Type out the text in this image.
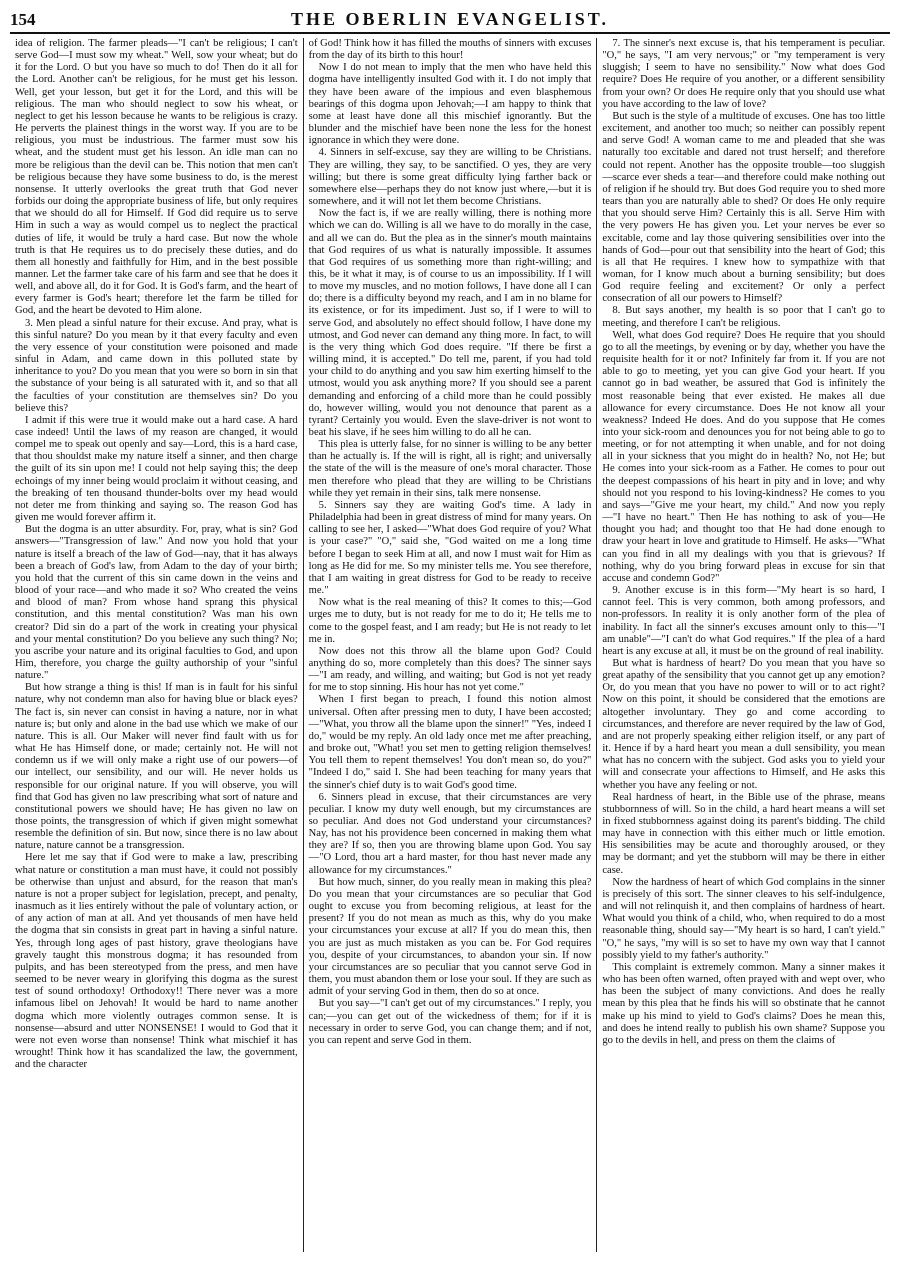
154	THE OBERLIN EVANGELIST.

idea of religion. The farmer pleads—"I can't be religious; I can't serve God—I must sow my wheat." Well, sow your wheat; but do it for the Lord. O but you have so much to do! Then do it all for the Lord. Another can't be religious, for he must get his lesson. Well, get your lesson, but get it for the Lord, and this will be religious. The man who should neglect to sow his wheat, or neglect to get his lesson because he wants to be religious is crazy. He perverts the plainest things in the worst way. If you are to be religious, you must be industrious. The farmer must sow his wheat, and the student must get his lesson. An idle man can no more be religious than the devil can be. This notion that men can't be religious because they have some business to do, is the merest nonsense. It utterly overlooks the great truth that God never forbids our doing the appropriate business of life, but only requires that we should do all for Himself. If God did require us to serve Him in such a way as would compel us to neglect the practical duties of life, it would be truly a hard case. But now the whole truth is that He requires us to do precisely these duties, and do them all honestly and faithfully for Him, and in the best possible manner. Let the farmer take care of his farm and see that he does it well, and above all, do it for God. It is God's farm, and the heart of every farmer is God's heart; therefore let the farm be tilled for God, and the heart be devoted to Him alone.

3. Men plead a sinful nature for their excuse. And pray, what is this sinful nature? Do you mean by it that every faculty and even the very essence of your constitution were poisoned and made sinful in Adam, and came down in this polluted state by inheritance to you? Do you mean that you were so born in sin that the substance of your being is all saturated with it, and so that all the faculties of your constitution are themselves sin? Do you believe this?

I admit if this were true it would make out a hard case. A hard case indeed! Until the laws of my reason are changed, it would compel me to speak out openly and say—Lord, this is a hard case, that thou shouldst make my nature itself a sinner, and then charge the guilt of its sin upon me! I could not help saying this; the deep echoings of my inner being would proclaim it without ceasing, and the breaking of ten thousand thunder-bolts over my head would not deter me from thinking and saying so. The reason God has given me would forever affirm it.

But the dogma is an utter absurdity. For, pray, what is sin? God answers—"Transgression of law." And now you hold that your nature is itself a breach of the law of God—nay, that it has always been a breach of God's law, from Adam to the day of your birth; you hold that the current of this sin came down in the veins and blood of your race—and who made it so? Who created the veins and blood of man? From whose hand sprang this physical constitution, and this mental constitution? Was man his own creator? Did sin do a part of the work in creating your physical and your mental constitution? Do you believe any such thing? No; you ascribe your nature and its original faculties to God, and upon Him, therefore, you charge the guilty authorship of your "sinful nature."

But how strange a thing is this! If man is in fault for his sinful nature, why not condemn man also for having blue or black eyes? The fact is, sin never can consist in having a nature, nor in what nature is; but only and alone in the bad use which we make of our nature. This is all. Our Maker will never find fault with us for what He has Himself done, or made; certainly not. He will not condemn us if we will only make a right use of our powers—of our intellect, our sensibility, and our will. He never holds us responsible for our original nature. If you will observe, you will find that God has given no law prescribing what sort of nature and constitutional powers we should have; He has given no law on those points, the transgression of which if given might somewhat resemble the definition of sin. But now, since there is no law about nature, nature cannot be a transgression.

Here let me say that if God were to make a law, prescribing what nature or constitution a man must have, it could not possibly be otherwise than unjust and absurd, for the reason that man's nature is not a proper subject for legislation, precept, and penalty, inasmuch as it lies entirely without the pale of voluntary action, or of any action of man at all. And yet thousands of men have held the dogma that sin consists in great part in having a sinful nature. Yes, through long ages of past history, grave theologians have gravely taught this monstrous dogma; it has resounded from pulpits, and has been stereotyped from the press, and men have seemed to be never weary in glorifying this dogma as the surest test of sound orthodoxy! Orthodoxy!! There never was a more infamous libel on Jehovah! It would be hard to name another dogma which more violently outrages common sense. It is nonsense—absurd and utter NONSENSE! I would to God that it were not even worse than nonsense! Think what mischief it has wrought! Think how it has scandalized the law, the government, and the character

of God! Think how it has filled the mouths of sinners with excuses from the day of its birth to this hour!

Now I do not mean to imply that the men who have held this dogma have intelligently insulted God with it. I do not imply that they have been aware of the impious and even blasphemous bearings of this dogma upon Jehovah;—I am happy to think that some at least have done all this mischief ignorantly. But the blunder and the mischief have been none the less for the honest ignorance in which they were done.

4. Sinners in self-excuse, say they are willing to be Christians. They are willing, they say, to be sanctified. O yes, they are very willing; but there is some great difficulty lying farther back or somewhere else—perhaps they do not know just where,—but it is somewhere, and it will not let them become Christians.

Now the fact is, if we are really willing, there is nothing more which we can do. Willing is all we have to do morally in the case, and all we can do. But the plea as in the sinner's mouth maintains that God requires of us what is naturally impossible. It assumes that God requires of us something more than right-willing; and this, be it what it may, is of course to us an impossibility. If I will to move my muscles, and no motion follows, I have done all I can do; there is a difficulty beyond my reach, and I am in no blame for its existence, or for its impediment. Just so, if I were to will to serve God, and absolutely no effect should follow, I have done my utmost, and God never can demand any thing more. In fact, to will is the very thing which God does require. "If there be first a willing mind, it is accepted." Do tell me, parent, if you had told your child to do anything and you saw him exerting himself to the utmost, would you ask anything more? If you should see a parent demanding and enforcing of a child more than he could possibly do, however willing, would you not denounce that parent as a tyrant? Certainly you would. Even the slave-driver is not wont to beat his slave, if he sees him willing to do all he can.

This plea is utterly false, for no sinner is willing to be any better than he actually is. If the will is right, all is right; and universally the state of the will is the measure of one's moral character. Those men therefore who plead that they are willing to be Christians while they yet remain in their sins, talk mere nonsense.

5. Sinners say they are waiting God's time. A lady in Philadelphia had been in great distress of mind for many years. On calling to see her, I asked—"What does God require of you? What is your case?" "O," said she, "God waited on me a long time before I began to seek Him at all, and now I must wait for Him as long as He did for me. So my minister tells me. You see therefore, that I am waiting in great distress for God to be ready to receive me."

Now what is the real meaning of this? It comes to this;—God urges me to duty, but is not ready for me to do it; He tells me to come to the gospel feast, and I am ready; but He is not ready to let me in.

Now does not this throw all the blame upon God? Could anything do so, more completely than this does? The sinner says—"I am ready, and willing, and waiting; but God is not yet ready for me to stop sinning. His hour has not yet come."

When I first began to preach, I found this notion almost universal. Often after pressing men to duty, I have been accosted;—"What, you throw all the blame upon the sinner!" "Yes, indeed I do," would be my reply. An old lady once met me after preaching, and broke out, "What! you set men to getting religion themselves! You tell them to repent themselves! You don't mean so, do you?" "Indeed I do," said I. She had been teaching for many years that the sinner's chief duty is to wait God's good time.

6. Sinners plead in excuse, that their circumstances are very peculiar. I know my duty well enough, but my circumstances are so peculiar. And does not God understand your circumstances? Nay, has not his providence been concerned in making them what they are? If so, then you are throwing blame upon God. You say—"O Lord, thou art a hard master, for thou hast never made any allowance for my circumstances."

But how much, sinner, do you really mean in making this plea? Do you mean that your circumstances are so peculiar that God ought to excuse you from becoming religious, at least for the present? If you do not mean as much as this, why do you make your circumstances your excuse at all? If you do mean this, then you are just as much mistaken as you can be. For God requires you, despite of your circumstances, to abandon your sin. If now your circumstances are so peculiar that you cannot serve God in them, you must abandon them or lose your soul. If they are such as admit of your serving God in them, then do so at once.

But you say—"I can't get out of my circumstances." I reply, you can;—you can get out of the wickedness of them; for if it is necessary in order to serve God, you can change them; and if not, you can repent and serve God in them.

7. The sinner's next excuse is, that his temperament is peculiar. "O," he says, "I am very nervous;" or "my temperament is very sluggish; I seem to have no sensibility." Now what does God require? Does He require of you another, or a different sensibility from your own? Or does He require only that you should use what you have according to the law of love?

But such is the style of a multitude of excuses. One has too little excitement, and another too much; so neither can possibly repent and serve God! A woman came to me and pleaded that she was naturally too excitable and dared not trust herself; and therefore could not repent. Another has the opposite trouble—too sluggish—scarce ever sheds a tear—and therefore could make nothing out of religion if he should try. But does God require you to shed more tears than you are naturally able to shed? Or does He only require that you should serve Him? Certainly this is all. Serve Him with the very powers He has given you. Let your nerves be ever so excitable, come and lay those quivering sensibilities over into the hands of God—pour out that sensibility into the heart of God; this is all that He requires. I knew how to sympathize with that woman, for I know much about a burning sensibility; but does God require feeling and excitement? Or only a perfect consecration of all our powers to Himself?

8. But says another, my health is so poor that I can't go to meeting, and therefore I can't be religious.

Well, what does God require? Does He require that you should go to all the meetings, by evening or by day, whether you have the requisite health for it or not? Infinitely far from it. If you are not able to go to meeting, yet you can give God your heart. If you cannot go in bad weather, be assured that God is infinitely the most reasonable being that ever existed. He makes all due allowance for every circumstance. Does He not know all your weakness? Indeed He does. And do you suppose that He comes into your sick-room and denounces you for not being able to go to meeting, or for not attempting it when unable, and for not doing all in your sickness that you might do in health? No, not He; but He comes into your sick-room as a Father. He comes to pour out the deepest compassions of his heart in pity and in love; and why should not you respond to his loving-kindness? He comes to you and says—"Give me your heart, my child." And now you reply—"I have no heart." Then He has nothing to ask of you—He thought you had; and thought too that He had done enough to draw your heart in love and gratitude to Himself. He asks—"What can you find in all my dealings with you that is grievous? If nothing, why do you bring forward pleas in excuse for sin that accuse and condemn God?"

9. Another excuse is in this form—"My heart is so hard, I cannot feel. This is very common, both among professors, and non-professors. In reality it is only another form of the plea of inability. In fact all the sinner's excuses amount only to this—"I am unable"—"I can't do what God requires." If the plea of a hard heart is any excuse at all, it must be on the ground of real inability.

But what is hardness of heart? Do you mean that you have so great apathy of the sensibility that you cannot get up any emotion? Or, do you mean that you have no power to will or to act right? Now on this point, it should be considered that the emotions are altogether involuntary. They go and come according to circumstances, and therefore are never required by the law of God, and are not properly speaking either religion itself, or any part of it. Hence if by a hard heart you mean a dull sensibility, you mean what has no concern with the subject. God asks you to yield your will and consecrate your affections to Himself, and He asks this whether you have any feeling or not.

Real hardness of heart, in the Bible use of the phrase, means stubbornness of will. So in the child, a hard heart means a will set in fixed stubbornness against doing its parent's bidding. The child may have in connection with this either much or little emotion. His sensibilities may be acute and thoroughly aroused, or they may be dormant; and yet the stubborn will may be there in either case.

Now the hardness of heart of which God complains in the sinner is precisely of this sort. The sinner cleaves to his self-indulgence, and will not relinquish it, and then complains of hardness of heart. What would you think of a child, who, when required to do a most reasonable thing, should say—"My heart is so hard, I can't yield." "O," he says, "my will is so set to have my own way that I cannot possibly yield to my father's authority."

This complaint is extremely common. Many a sinner makes it who has been often warned, often prayed with and wept over, who has been the subject of many convictions. And does he really mean by this plea that he finds his will so obstinate that he cannot make up his mind to yield to God's claims? Does he mean this, and does he intend really to publish his own shame? Suppose you go to the devils in hell, and press on them the claims of
